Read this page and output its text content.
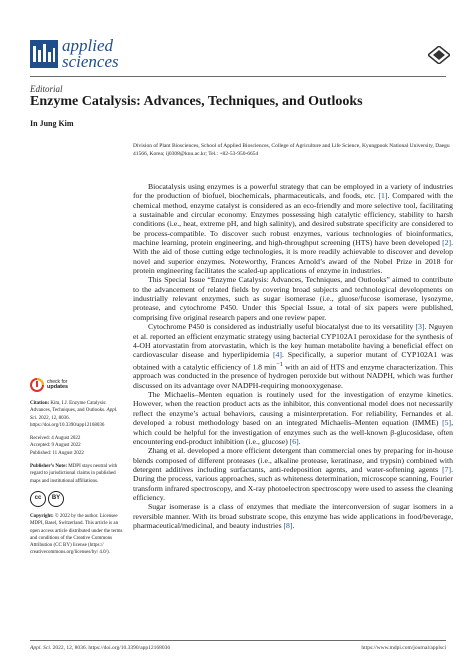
applied
sciences
Editorial
Enzyme Catalysis: Advances, Techniques, and Outlooks
In Jung Kim
Division of Plant Biosciences, School of Applied Biosciences, College of Agriculture and Life Science, Kyungpook National University, Daegu 41566, Korea; ij0308@knu.ac.kr; Tel.: +82-53-950-6654

Biocatalysis using enzymes is a powerful strategy that can be employed in a variety of industries for the production of biofuel, biochemicals, pharmaceuticals, and foods, etc. [1]. Compared with the chemical method, enzyme catalyst is considered as an eco-friendly and more selective tool, facilitating a sustainable and circular economy. Enzymes possessing high catalytic efficiency, stability to harsh conditions (i.e., heat, extreme pH, and high salinity), and desired substrate specificity are considered to be process-compatible. To discover such robust enzymes, various technologies of bioinformatics, machine learning, protein engineering, and high-throughput screening (HTS) have been developed [2]. With the aid of those cutting edge technologies, it is more readily achievable to discover and develop novel and superior enzymes. Noteworthy, Frances Arnold’s award of the Nobel Prize in 2018 for protein engineering facilitates the scaled-up applications of enzyme in industries.

This Special Issue “Enzyme Catalysis: Advances, Techniques, and Outlooks” aimed to contribute to the advancement of related fields by covering broad subjects and technological developments on industrially relevant enzymes, such as sugar isomerase (i.e., gluose/fucose isomerase, lysozyme, protease, and cytochrome P450. Under this Special Issue, a total of six papers were published, comprising five original research papers and one review paper.

Cytochrome P450 is considered as industrially useful biocatalyst due to its versatility [3]. Nguyen et al. reported an efficient enzymatic strategy using bacterial CYP102A1 peroxidase for the synthesis of 4-OH atorvastatin from atorvastatin, which is the key human metabolite having a beneficial effect on cardiovascular disease and hyperlipidemia [4]. Specifically, a superior mutant of CYP102A1 was obtained with a catalytic efficiency of 1.8 $\min^{-1}$ with an aid of HTS and enzyme characterization. This approach was conducted in the presence of hydrogen peroxide but without NADPH, which was further discussed on its advantage over NADPH-requiring monooxygenase.

The Michaelis–Menten equation is routinely used for the investigation of enzyme kinetics. However, when the reaction product acts as the inhibitor, this conventional model does not necessarily reflect the enzyme’s actual behaviors, causing a misinterpretation. For reliability, Fernandes et al. developed a robust methodology based on an integrated Michaelis–Menten equation (IMME) [5], which could be helpful for the investigation of enzymes such as the well-known β-glucosidase, often encountering end-product inhibition (i.e., glucose) [6].

Zhang et al. developed a more efficient detergent than commercial ones by preparing for in-house blends composed of different proteases (i.e., alkaline protease, keratinase, and trypsin) combined with detergent additives including surfactants, anti-redeposition agents, and water-softening agents [7]. During the process, various approaches, such as whiteness determination, microscope scanning, Fourier transform infrared spectroscopy, and X-ray photoelectron spectroscopy were used to assess the cleaning efficiency.

Sugar isomerase is a class of enzymes that mediate the interconversion of sugar isomers in a reversible manner. With its broad substrate scope, this enzyme has wide applications in food/beverage, pharmaceutical/medicinal, and beauty industries [8].

check for
updates
Citation: Kim, I.J. Enzyme Catalysis: Advances, Techniques, and Outlooks. Appl. Sci. 2022, 12, 8036. https://doi.org/10.3390/app12168036
Received: 4 August 2022
Accepted: 9 August 2022
Published: 11 August 2022
Publisher’s Note: MDPI stays neutral with regard to jurisdictional claims in published maps and institutional affiliations.
cc	BY
Copyright: © 2022 by the author. Licensee MDPI, Basel, Switzerland. This article is an open access article distributed under the terms and conditions of the Creative Commons Attribution (CC BY) license (https:// creativecommons.org/licenses/by/ 4.0/).
Appl. Sci. 2022, 12, 8036. https://doi.org/10.3390/app12168036	https://www.mdpi.com/journal/applsci
